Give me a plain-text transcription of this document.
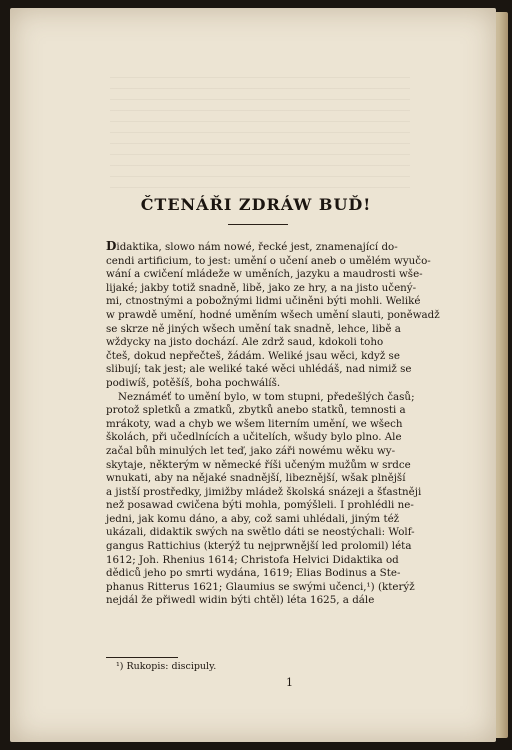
ČTENÁŘI ZDRÁW BUĎ!
Didaktika, slowo nám nowé, řecké jest, znamenající do-
cendi artificium, to jest: umění o učení aneb o umělém wyučo-
wání a cwičení mládeže w uměních, jazyku a maudrosti wše-
lijaké; jakby totiž snadně, libě, jako ze hry, a na jisto učený-
mi, ctnostnými a pobožnými lidmi učiněni býti mohli. Weliké
w prawdě umění, hodné uměním wšech umění slauti, poněwadž
se skrze ně jiných wšech umění tak snadně, lehce, libě a
wždycky na jisto dochází. Ale zdrž saud, kdokoli toho
čteš, dokud nepřečteš, žádám. Weliké jsau wěci, když se
slibují; tak jest; ale weliké také wěci uhlédáš, nad nimiž se
podiwíš, potěšíš, boha pochwálíš.
Neznáméť to umění bylo, w tom stupni, předešlých časů;
protož spletků a zmatků, zbytků anebo statků, temnosti a
mrákoty, wad a chyb we wšem literním umění, we wšech
školách, při učedlnících a učitelích, wšudy bylo plno. Ale
začal bůh minulých let teď, jako záři nowému wěku wy-
skytaje, některým w německé říši učeným mužům w srdce
wnukati, aby na nějaké snadnější, libeznější, wšak plnější
a jistší prostředky, jimižby mládež školská snázeji a šťastněji
než posawad cwičena býti mohla, pomýšleli. I prohlédli ne-
jedni, jak komu dáno, a aby, což sami uhlédali, jiným též
ukázali, didaktik swých na swětlo dáti se neostýchali: Wolf-
gangus Rattichius (kterýž tu nejprwnější led prolomil) léta
1612; Joh. Rhenius 1614; Christofa Helvici Didaktika od
dědiců jeho po smrti wydána, 1619; Elias Bodinus a Ste-
phanus Ritterus 1621; Glaumius se swými učenci,¹) (kterýž
nejdál že přiwedl widin býti chtěl) léta 1625, a dále
¹) Rukopis: discipuly.
1
